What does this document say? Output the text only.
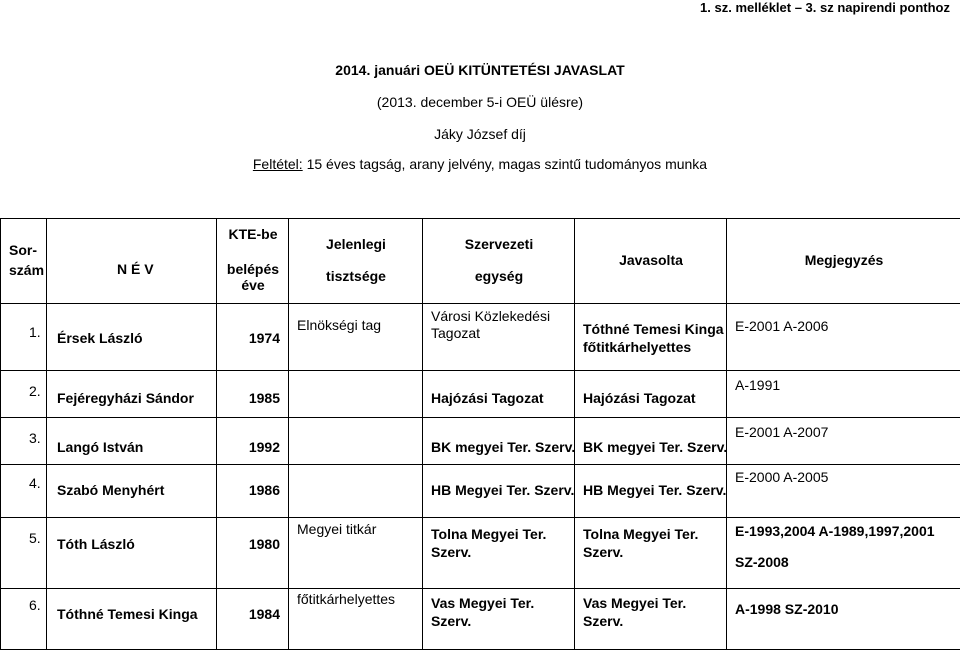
1. sz. melléklet – 3. sz napirendi ponthoz
2014. januári OEÜ KITÜNTETÉSI JAVASLAT
(2013. december 5-i OEÜ ülésre)
Jáky József díj
Feltétel: 15 éves tagság, arany jelvény, magas szintű tudományos munka
Sor-
szám	N É V	KTE-be
belépés
éve	Jelenlegi
tisztsége	Szervezeti
egység	Javasolta	Megjegyzés

1.	Érsek László	1974	Elnökségi tag	Városi Közlekedési
Tagozat	Tóthné Temesi Kinga
főtitkárhelyettes	E-2001 A-2006

2.	Fejéregyházi Sándor	1985		Hajózási Tagozat	Hajózási Tagozat	A-1991

3.	Langó István	1992		BK megyei Ter. Szerv.	BK megyei Ter. Szerv.	E-2001 A-2007

4.	Szabó Menyhért	1986		HB Megyei Ter. Szerv.	HB Megyei Ter. Szerv.	E-2000 A-2005

5.	Tóth László	1980	Megyei titkár	Tolna Megyei Ter.
Szerv.	Tolna Megyei Ter.
Szerv.	E-1993,2004 A-1989,1997,2001
SZ-2008

6.	Tóthné Temesi Kinga	1984	főtitkárhelyettes	Vas Megyei Ter.
Szerv.	Vas Megyei Ter.
Szerv.	A-1998 SZ-2010
